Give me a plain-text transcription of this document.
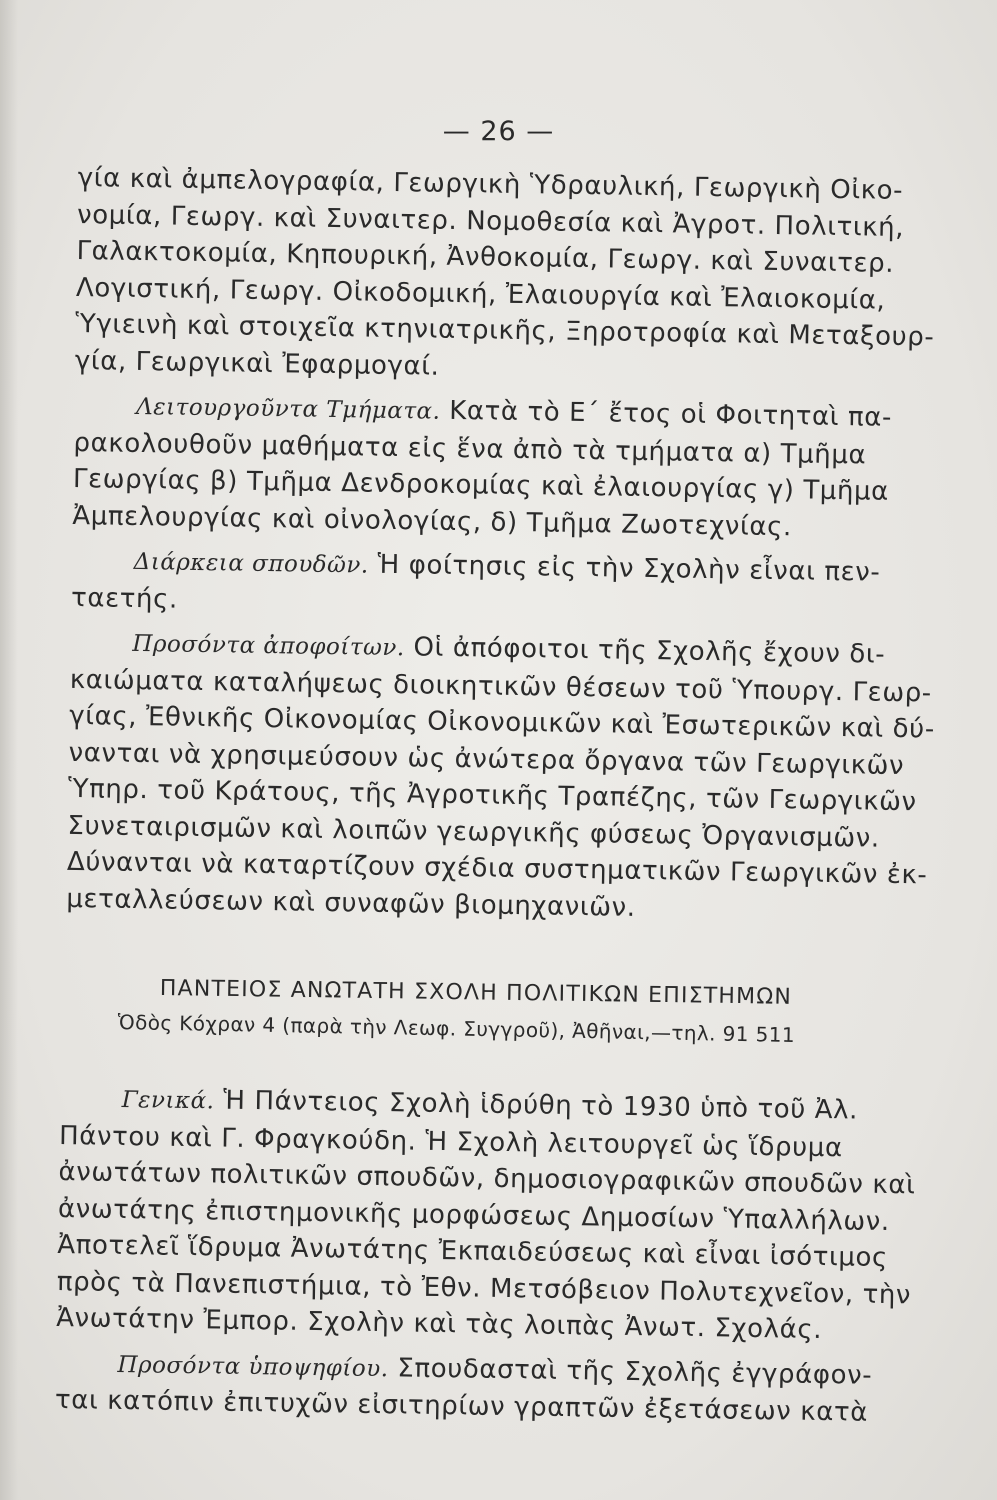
— 26 —

γία καὶ ἀμπελογραφία, Γεωργικὴ Ὑδραυλική, Γεωργικὴ Οἰκο-
νομία, Γεωργ. καὶ Συναιτερ. Νομοθεσία καὶ Ἀγροτ. Πολιτική,
Γαλακτοκομία, Κηπουρική, Ἀνθοκομία, Γεωργ. καὶ Συναιτερ.
Λογιστική, Γεωργ. Οἰκοδομική, Ἐλαιουργία καὶ Ἐλαιοκομία,
Ὑγιεινὴ καὶ στοιχεῖα κτηνιατρικῆς, Ξηροτροφία καὶ Μεταξουρ-
γία, Γεωργικαὶ Ἐφαρμογαί.

Λειτουργοῦντα Τμήματα. Κατὰ τὸ Ε΄ ἔτος οἱ Φοιτηταὶ πα-
ρακολουθοῦν μαθήματα εἰς ἕνα ἀπὸ τὰ τμήματα α) Τμῆμα
Γεωργίας β) Τμῆμα Δενδροκομίας καὶ ἐλαιουργίας γ) Τμῆμα
Ἀμπελουργίας καὶ οἰνολογίας, δ) Τμῆμα Ζωοτεχνίας.

Διάρκεια σπουδῶν. Ἡ φοίτησις εἰς τὴν Σχολὴν εἶναι πεν-
ταετής.

Προσόντα ἀποφοίτων. Οἱ ἀπόφοιτοι τῆς Σχολῆς ἔχουν δι-
καιώματα καταλήψεως διοικητικῶν θέσεων τοῦ Ὑπουργ. Γεωρ-
γίας, Ἐθνικῆς Οἰκονομίας Οἰκονομικῶν καὶ Ἐσωτερικῶν καὶ δύ-
νανται νὰ χρησιμεύσουν ὡς ἀνώτερα ὄργανα τῶν Γεωργικῶν
Ὑπηρ. τοῦ Κράτους, τῆς Ἀγροτικῆς Τραπέζης, τῶν Γεωργικῶν
Συνεταιρισμῶν καὶ λοιπῶν γεωργικῆς φύσεως Ὀργανισμῶν.
Δύνανται νὰ καταρτίζουν σχέδια συστηματικῶν Γεωργικῶν ἐκ-
μεταλλεύσεων καὶ συναφῶν βιομηχανιῶν.

ΠΑΝΤΕΙΟΣ ΑΝΩΤΑΤΗ ΣΧΟΛΗ ΠΟΛΙΤΙΚΩΝ ΕΠΙΣΤΗΜΩΝ
Ὁδὸς Κόχραν 4 (παρὰ τὴν Λεωφ. Συγγροῦ), Ἀθῆναι,—τηλ. 91 511

Γενικά. Ἡ Πάντειος Σχολὴ ἱδρύθη τὸ 1930 ὑπὸ τοῦ Ἀλ.
Πάντου καὶ Γ. Φραγκούδη. Ἡ Σχολὴ λειτουργεῖ ὡς ἵδρυμα
ἀνωτάτων πολιτικῶν σπουδῶν, δημοσιογραφικῶν σπουδῶν καὶ
ἀνωτάτης ἐπιστημονικῆς μορφώσεως Δημοσίων Ὑπαλλήλων.
Ἀποτελεῖ ἵδρυμα Ἀνωτάτης Ἐκπαιδεύσεως καὶ εἶναι ἰσότιμος
πρὸς τὰ Πανεπιστήμια, τὸ Ἐθν. Μετσόβειον Πολυτεχνεῖον, τὴν
Ἀνωτάτην Ἐμπορ. Σχολὴν καὶ τὰς λοιπὰς Ἀνωτ. Σχολάς.

Προσόντα ὑποψηφίου. Σπουδασταὶ τῆς Σχολῆς ἐγγράφον-
ται κατόπιν ἐπιτυχῶν εἰσιτηρίων γραπτῶν ἐξετάσεων κατὰ
